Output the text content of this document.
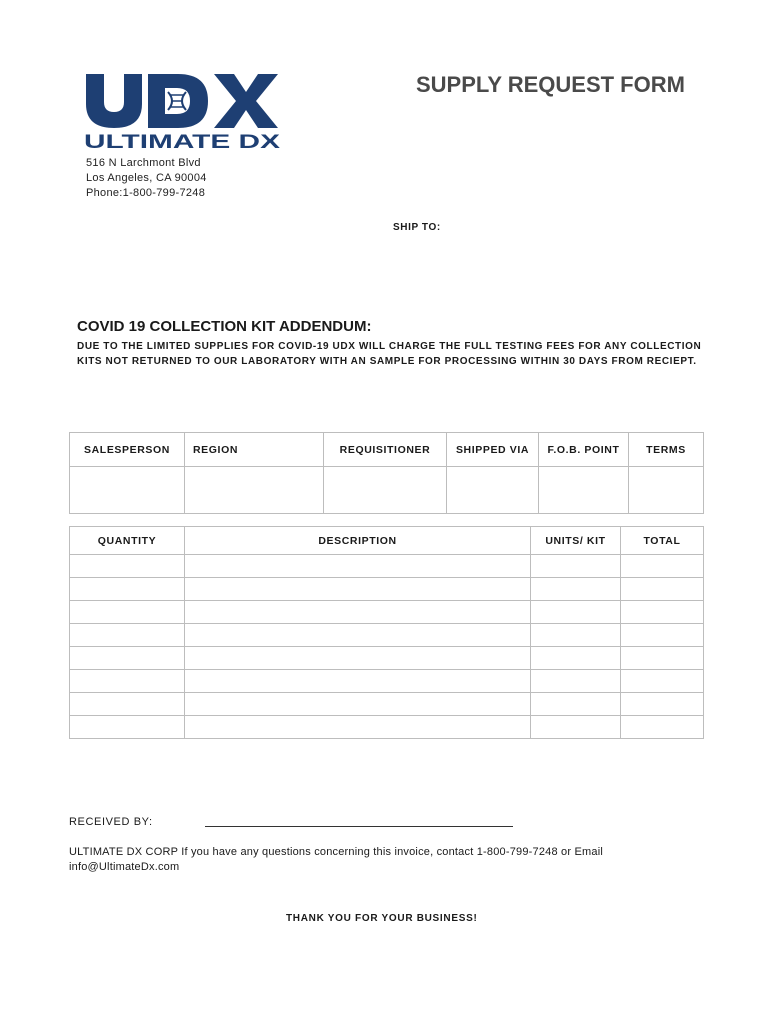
ULTIMATE DX
SUPPLY REQUEST FORM
516 N Larchmont Blvd
Los Angeles, CA 90004
Phone:1-800-799-7248
SHIP TO:
COVID 19 COLLECTION KIT ADDENDUM:
DUE TO THE LIMITED SUPPLIES FOR COVID-19 UDX WILL CHARGE THE FULL TESTING FEES FOR ANY COLLECTION KITS NOT RETURNED TO OUR LABORATORY WITH AN SAMPLE FOR PROCESSING WITHIN 30 DAYS FROM RECIEPT.
SALESPERSON	REGION	REQUISITIONER	SHIPPED VIA	F.O.B. POINT	TERMS

QUANTITY	DESCRIPTION	UNITS/ KIT	TOTAL

RECEIVED BY:
ULTIMATE DX CORP If you have any questions concerning this invoice, contact 1-800-799-7248 or Email info@UltimateDx.com
THANK YOU FOR YOUR BUSINESS!
